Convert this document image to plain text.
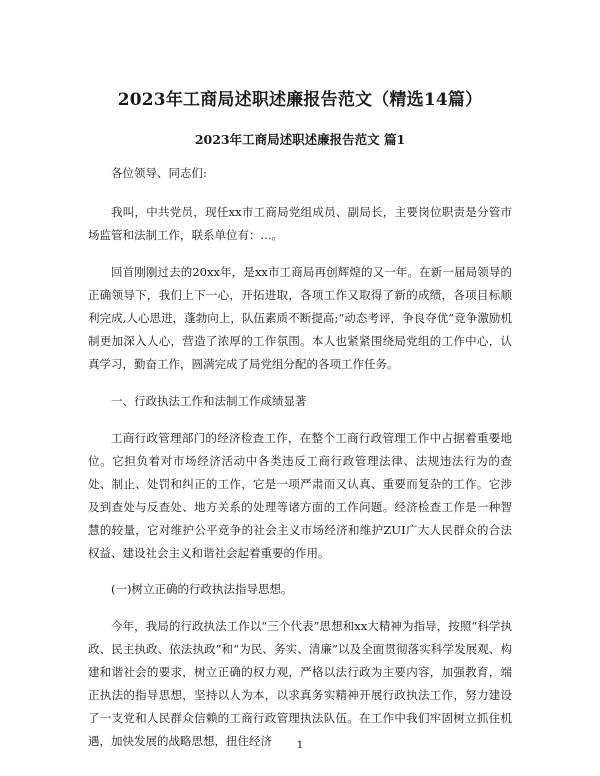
2023年工商局述职述廉报告范文（精选14篇）
2023年工商局述职述廉报告范文 篇1

各位领导、同志们:

我叫，中共党员，现任xx市工商局党组成员、副局长，主要岗位职责是分管市场监管和法制工作，联系单位有：...。

回首刚刚过去的20xx年，是xx市工商局再创辉煌的又一年。在新一届局领导的正确领导下，我们上下一心，开拓进取，各项工作又取得了新的成绩，各项目标顺利完成,人心思进，蓬勃向上，队伍素质不断提高;“动态考评，争良夺优”竞争激励机制更加深入人心，营造了浓厚的工作氛围。本人也紧紧围绕局党组的工作中心，认真学习，勤奋工作，圆满完成了局党组分配的各项工作任务。

一、行政执法工作和法制工作成绩显著

工商行政管理部门的经济检查工作，在整个工商行政管理工作中占据着重要地位。它担负着对市场经济活动中各类违反工商行政管理法律、法规违法行为的查处、制止、处罚和纠正的工作，它是一项严肃而又认真、重要而复杂的工作。它涉及到查处与反查处、地方关系的处理等诸方面的工作问题。经济检查工作是一种智慧的较量，它对维护公平竞争的社会主义市场经济和维护ZUI广大人民群众的合法权益、建设社会主义和谐社会起着重要的作用。

(一)树立正确的行政执法指导思想。

今年，我局的行政执法工作以“三个代表”思想和xx大精神为指导，按照“科学执政、民主执政、依法执政”和“为民、务实、清廉”以及全面贯彻落实科学发展观、构建和谐社会的要求，树立正确的权力观，严格以法行政为主要内容，加强教育，端正执法的指导思想，坚持以人为本，以求真务实精神开展行政执法工作，努力建设了一支党和人民群众信赖的工商行政管理执法队伍。在工作中我们牢固树立抓住机遇，加快发展的战略思想，扭住经济	1
